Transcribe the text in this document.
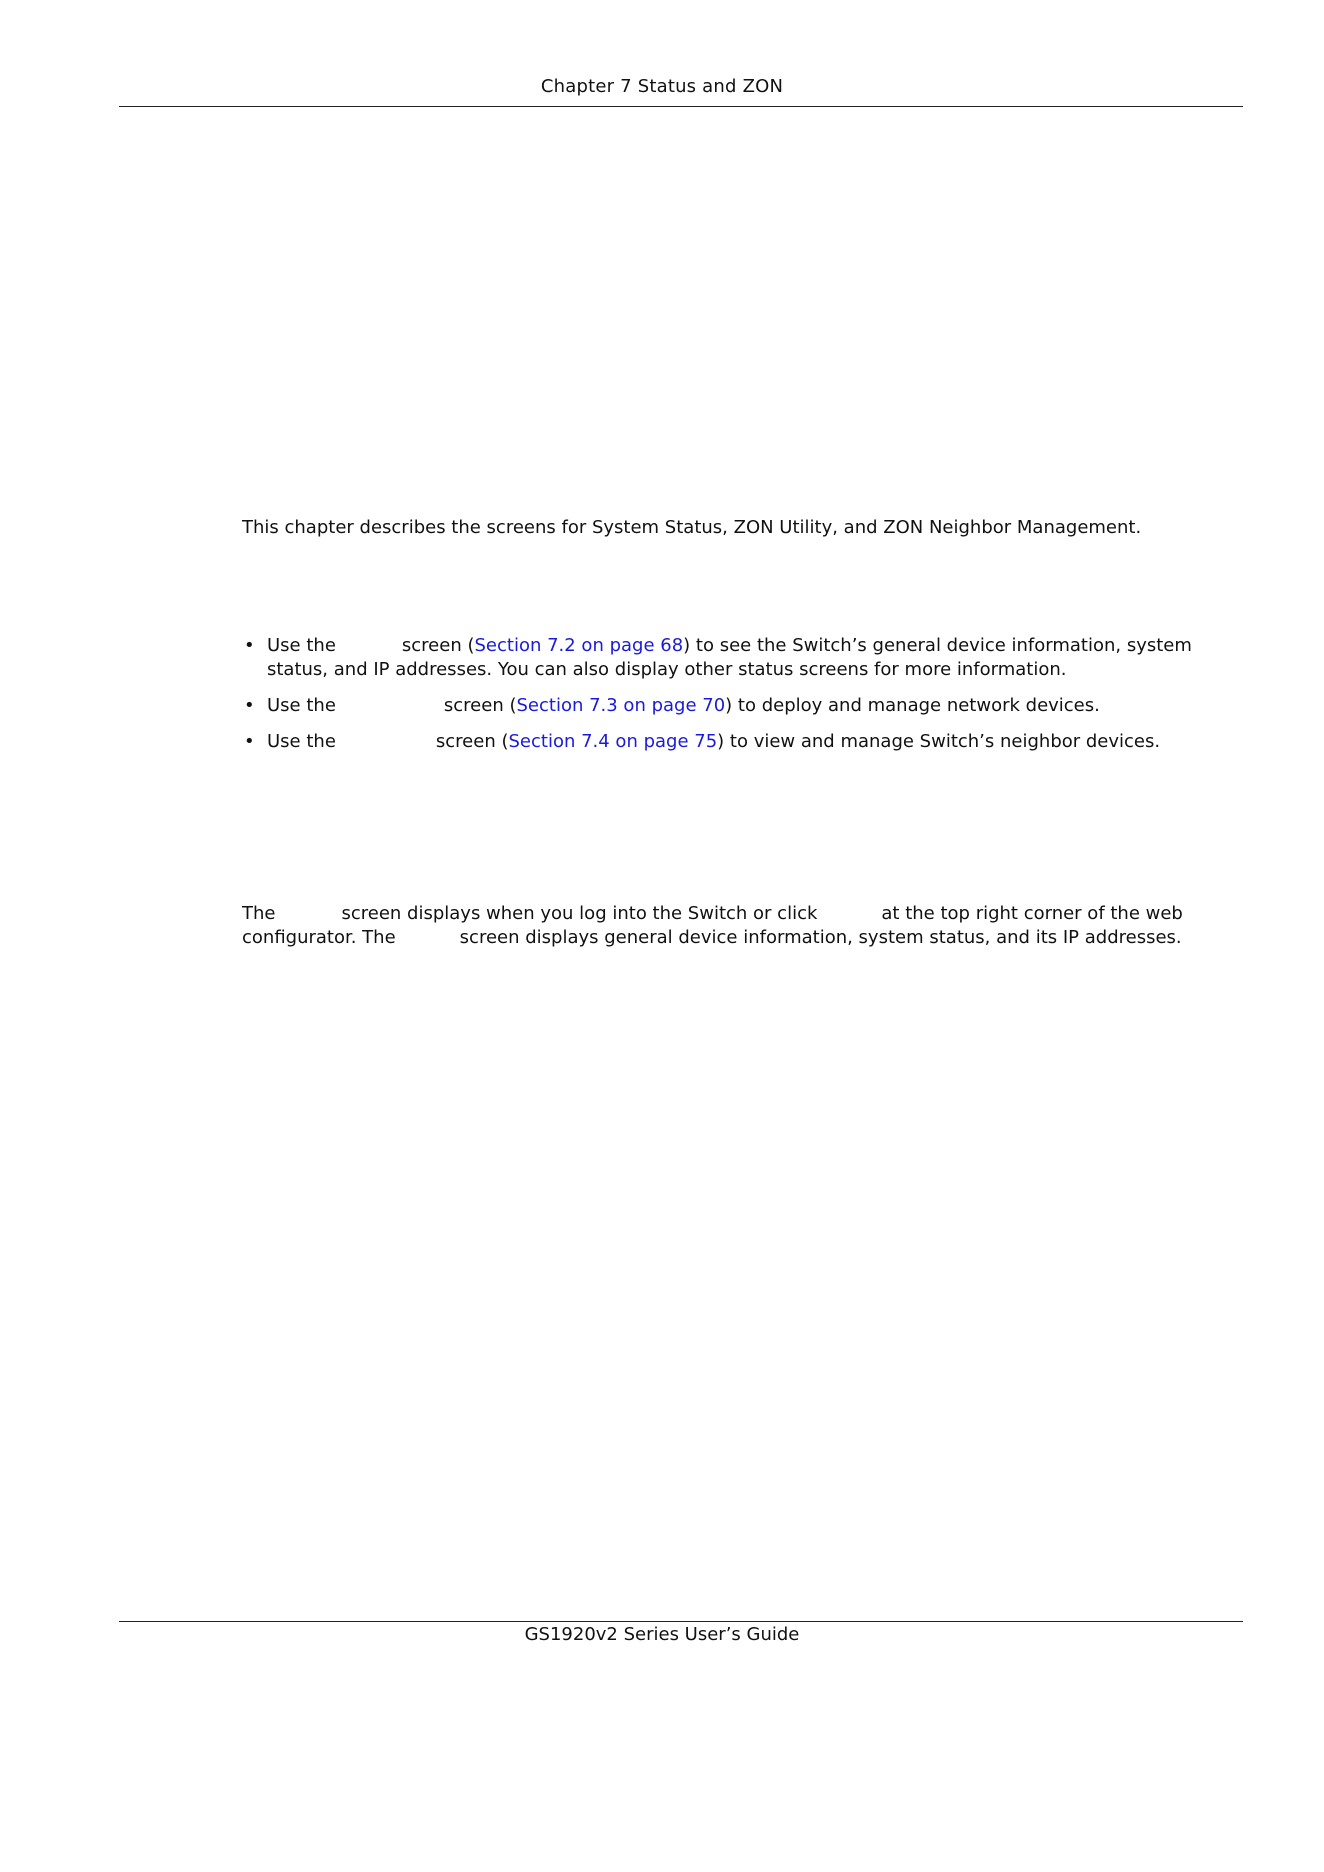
Chapter 7 Status and ZON
This chapter describes the screens for System Status, ZON Utility, and ZON Neighbor Management.
• Use the	screen (Section 7.2 on page 68) to see the Switch’s general device information, system
status, and IP addresses. You can also display other status screens for more information.
• Use the	screen (Section 7.3 on page 70) to deploy and manage network devices.
• Use the	screen (Section 7.4 on page 75) to view and manage Switch’s neighbor devices.
The	screen displays when you log into the Switch or click	at the top right corner of the web
configurator. The	screen displays general device information, system status, and its IP addresses.
GS1920v2 Series User’s Guide
